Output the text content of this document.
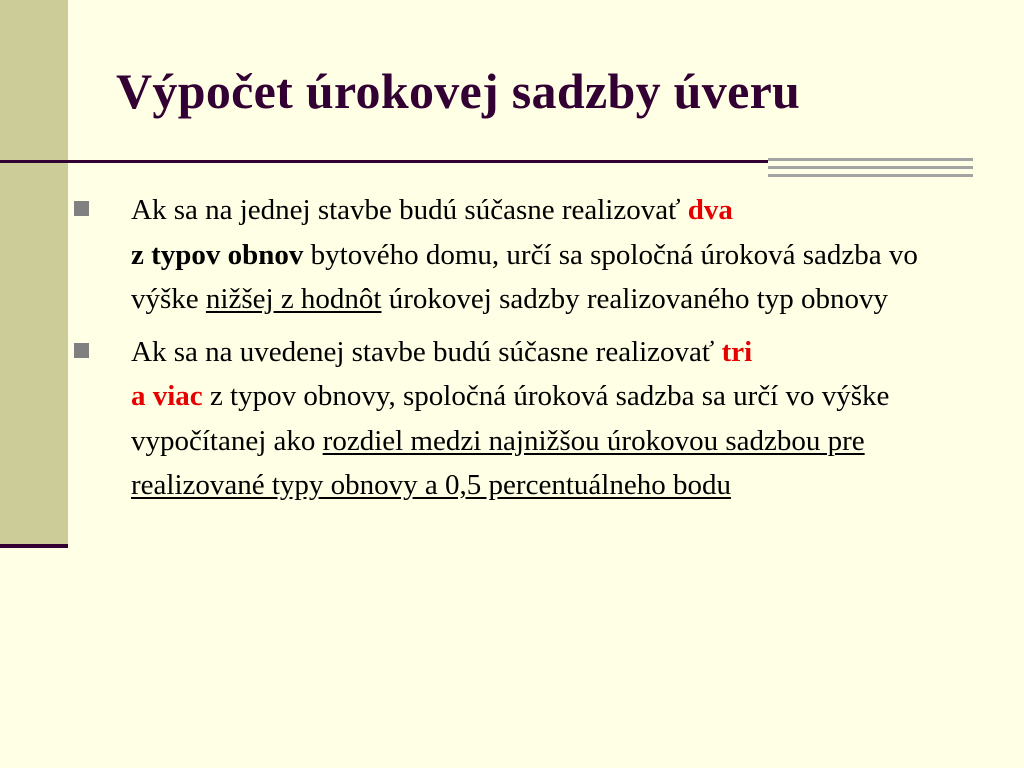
Výpočet úrokovej sadzby úveru
Ak sa na jednej stavbe budú súčasne realizovať dva
z typov obnov bytového domu, určí sa spoločná úroková sadzba vo výške nižšej z hodnôt úrokovej sadzby realizovaného typ obnovy
Ak sa na uvedenej stavbe budú súčasne realizovať tri
a viac z typov obnovy, spoločná úroková sadzba sa určí vo výške vypočítanej ako rozdiel medzi najnižšou úrokovou sadzbou pre realizované typy obnovy a 0,5 percentuálneho bodu
